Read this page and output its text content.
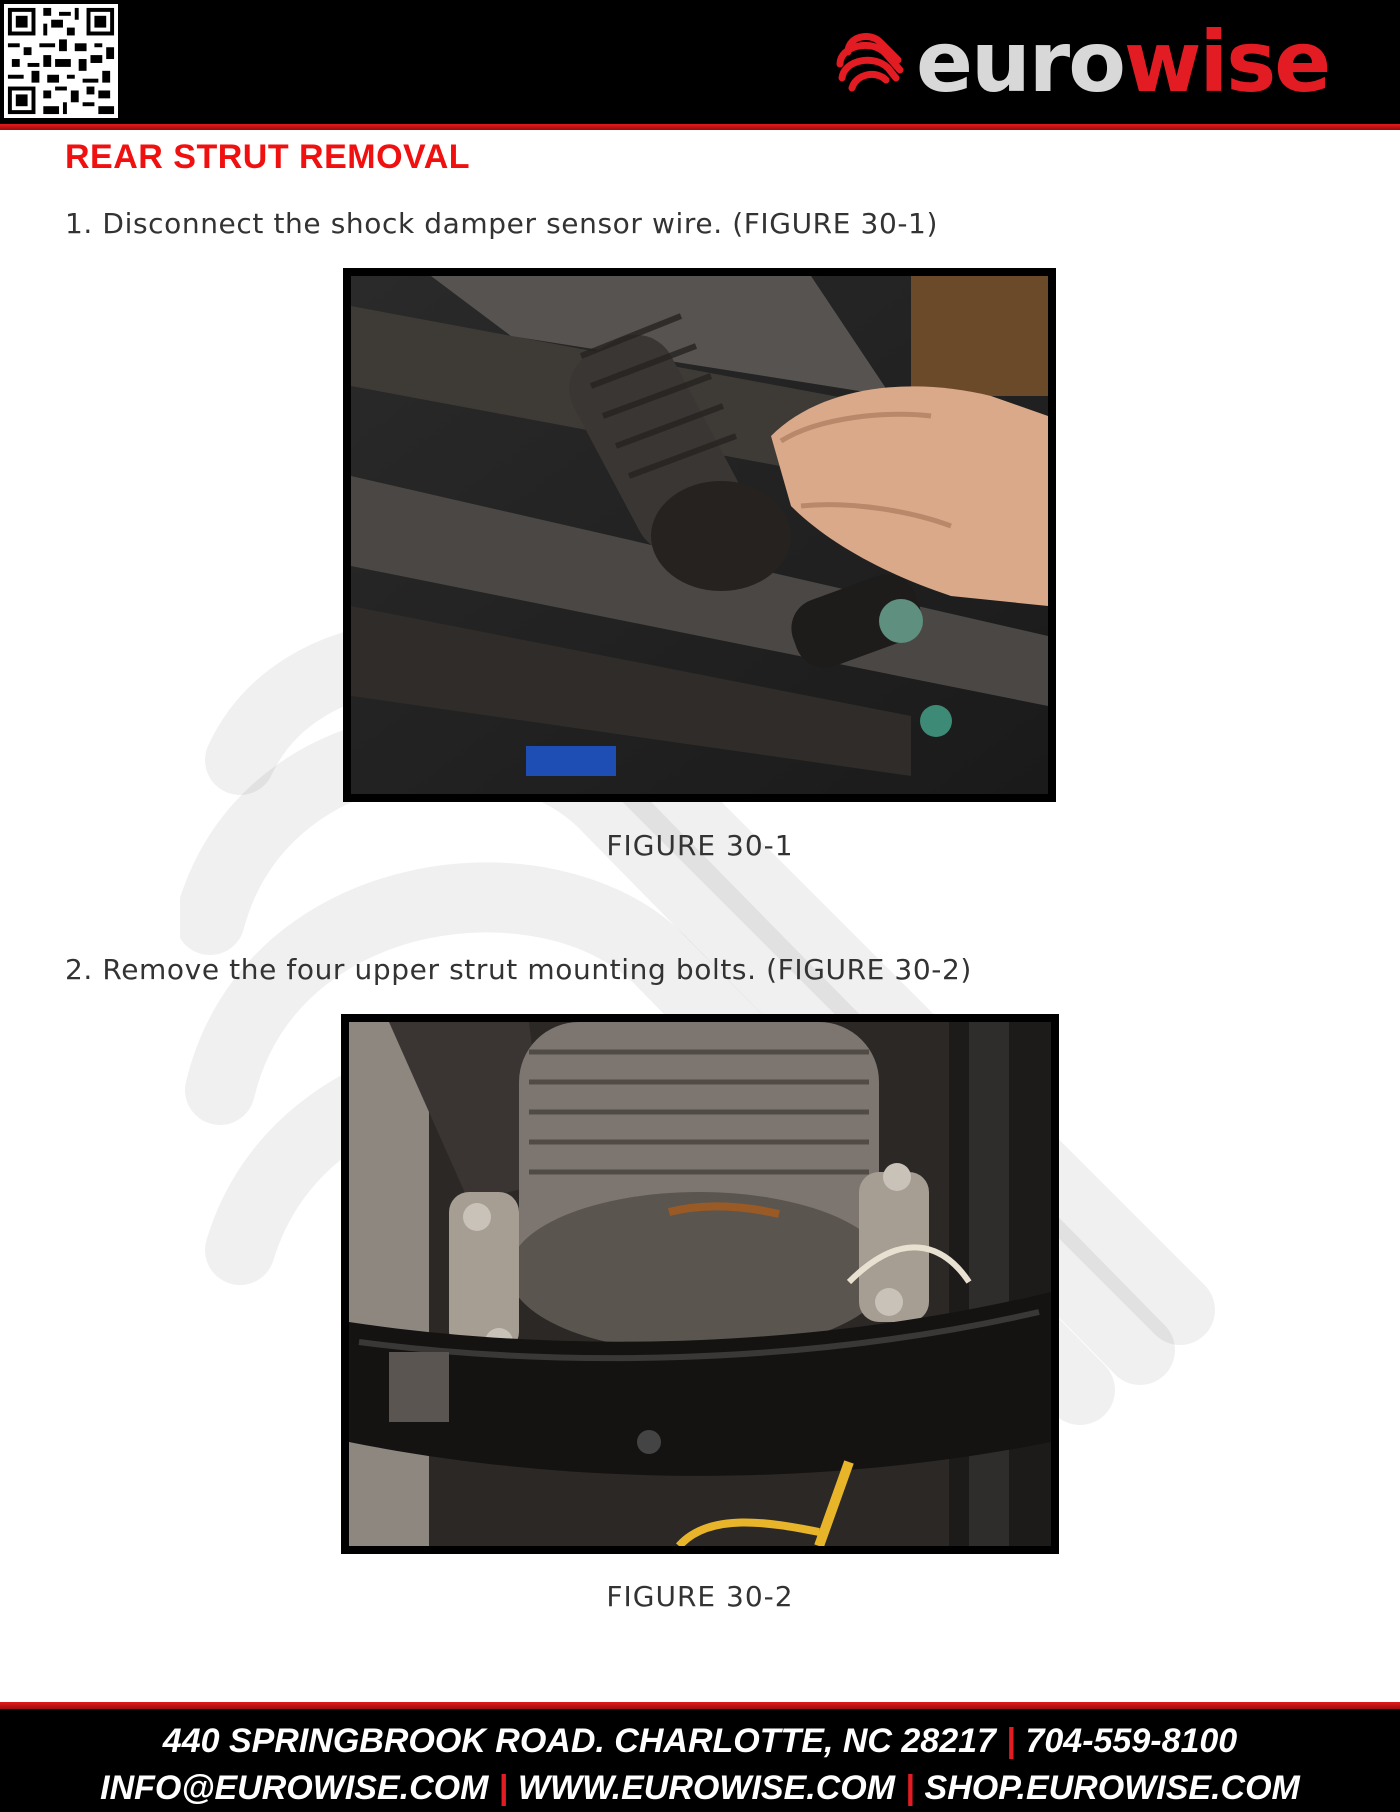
eurowise
REAR STRUT REMOVAL

1. Disconnect the shock damper sensor wire. (FIGURE 30-1)

FIGURE 30-1

2. Remove the four upper strut mounting bolts. (FIGURE 30-2)

FIGURE 30-2

440 SPRINGBROOK ROAD. CHARLOTTE, NC 28217 | 704-559-8100

INFO@EUROWISE.COM | WWW.EUROWISE.COM | SHOP.EUROWISE.COM
